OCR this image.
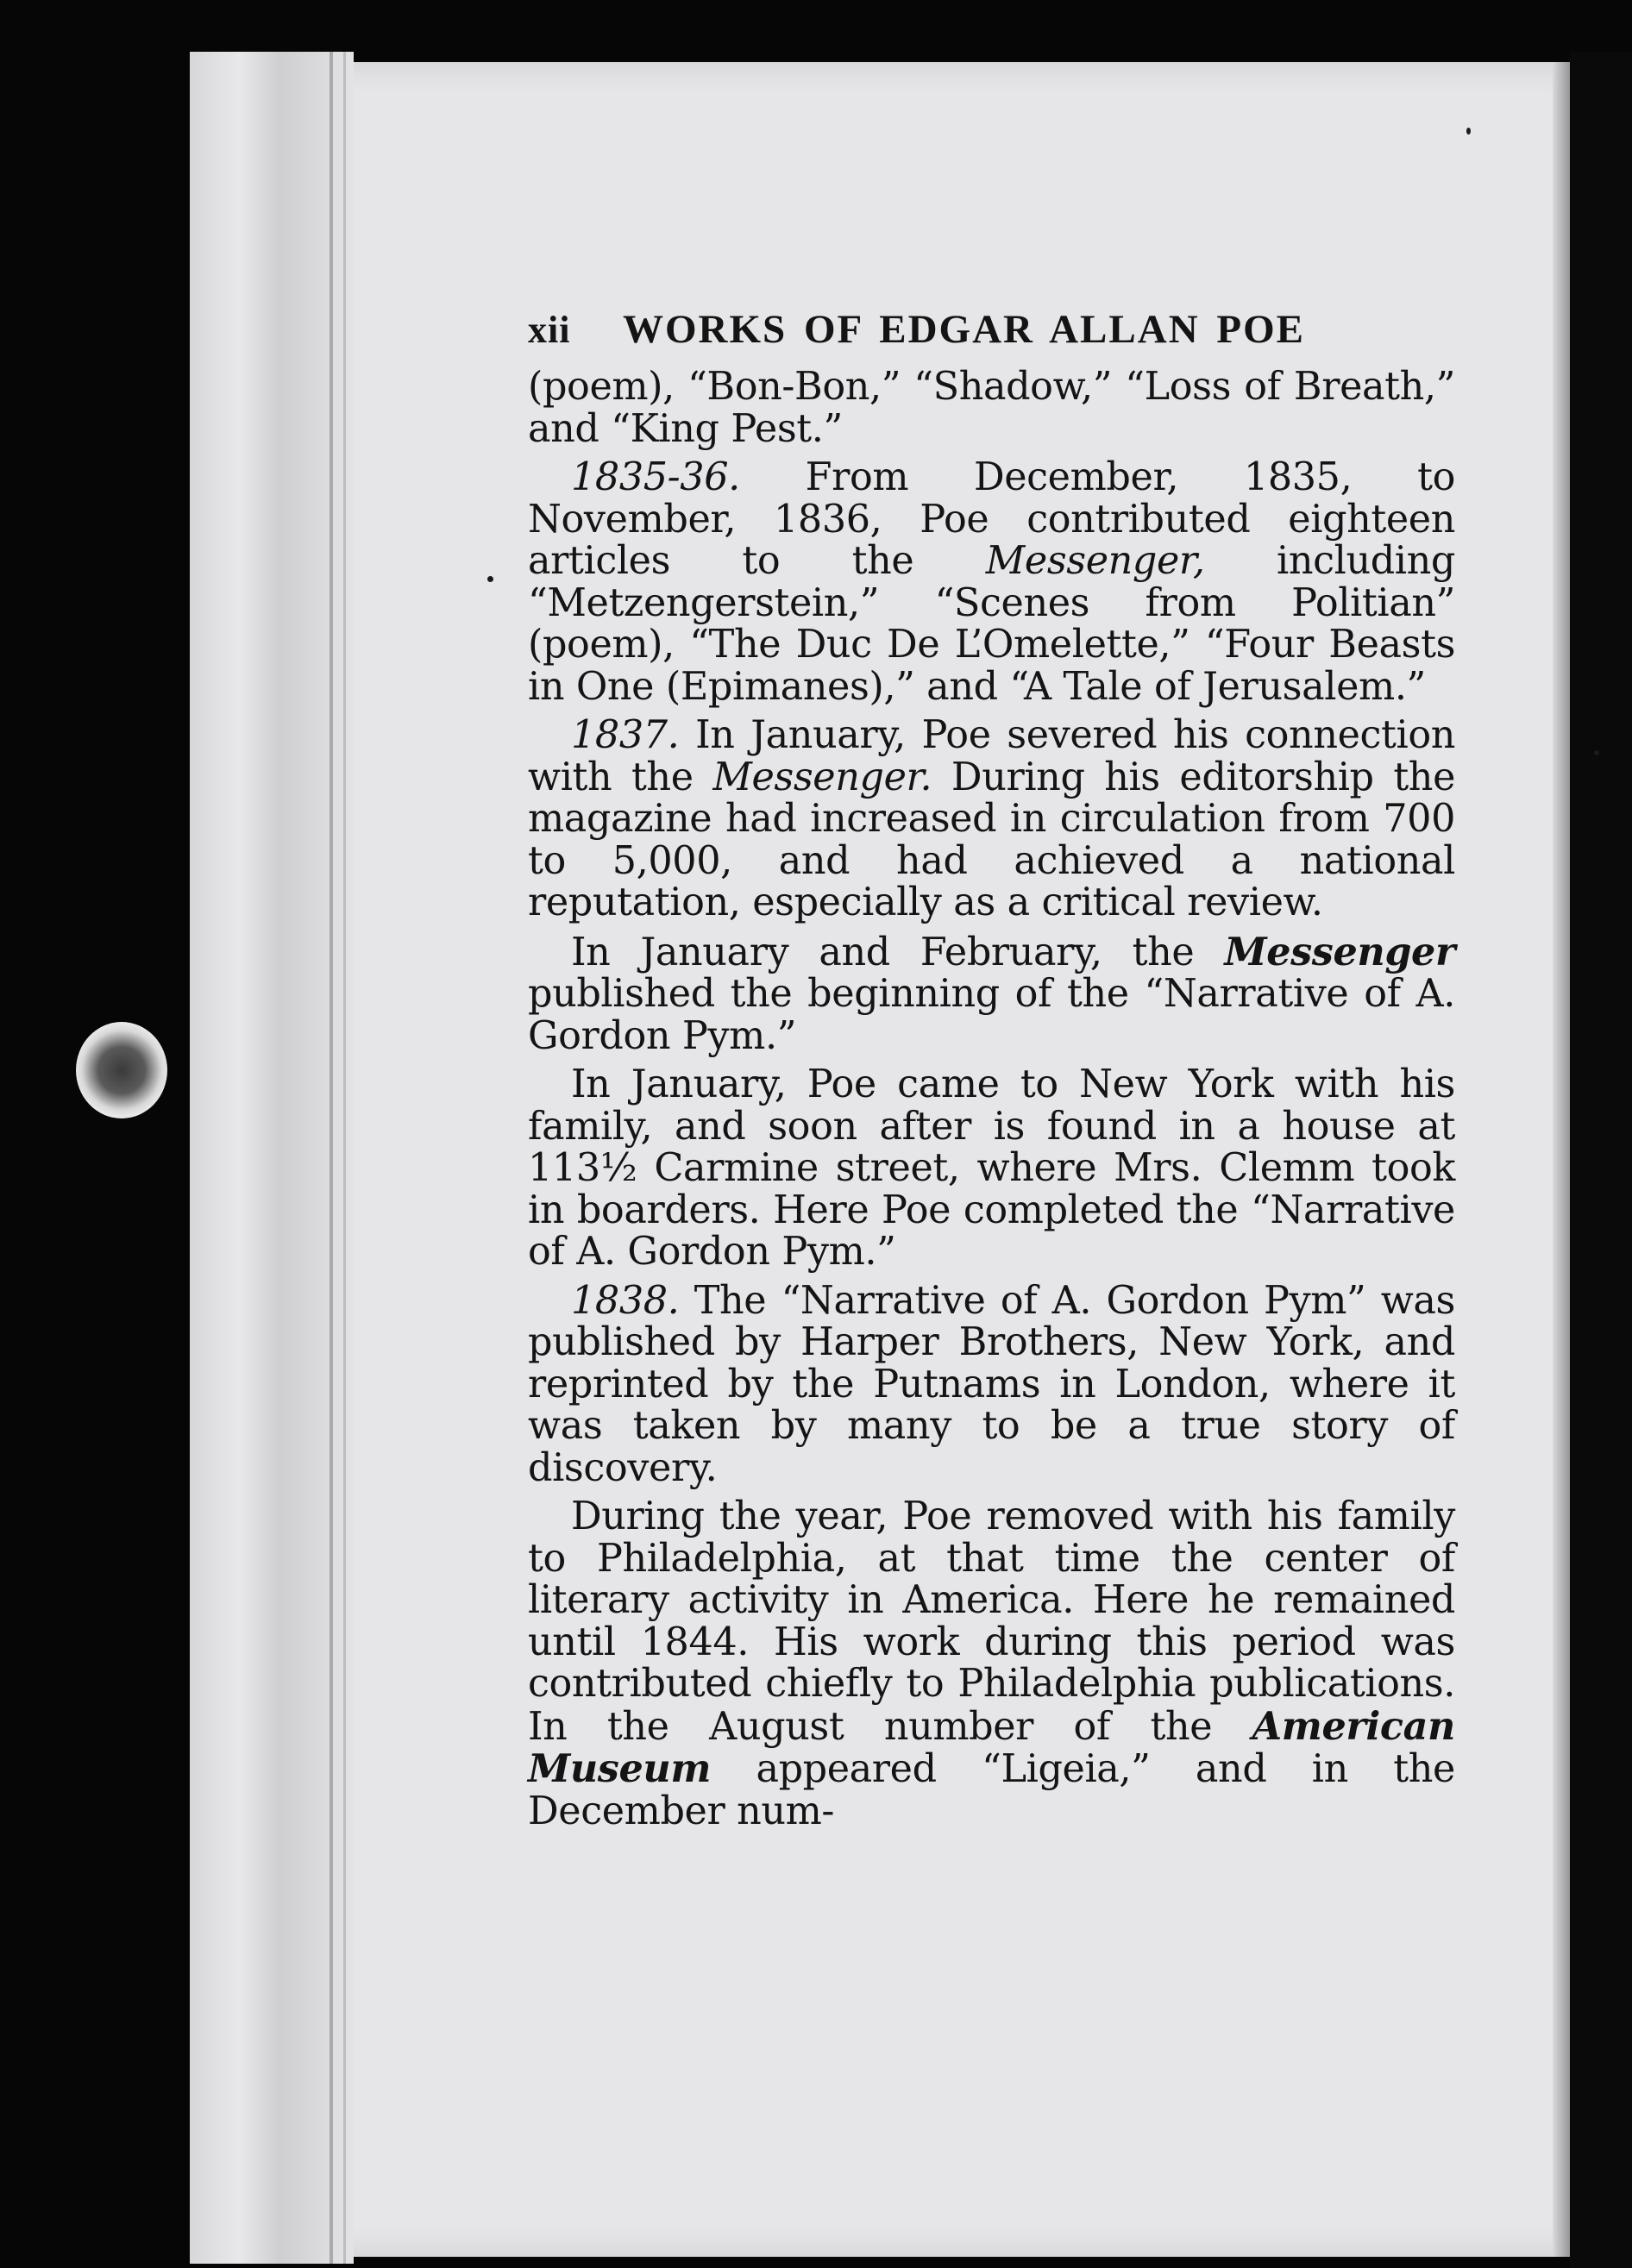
xii	WORKS OF EDGAR ALLAN POE

(poem), “Bon-Bon,” “Shadow,” “Loss of Breath,” and “King Pest.”

1835-36. From December, 1835, to November, 1836, Poe contributed eighteen articles to the Messenger, including “Metzengerstein,” “Scenes from Politian” (poem), “The Duc De L’Omelette,” “Four Beasts in One (Epimanes),” and “A Tale of Jerusalem.”

1837. In January, Poe severed his connection with the Messenger. During his editorship the magazine had increased in circulation from 700 to 5,000, and had achieved a national reputation, especially as a critical review.

In January and February, the Messenger published the beginning of the “Narrative of A. Gordon Pym.”

In January, Poe came to New York with his family, and soon after is found in a house at 113½ Carmine street, where Mrs. Clemm took in boarders. Here Poe completed the “Narrative of A. Gordon Pym.”

1838. The “Narrative of A. Gordon Pym” was published by Harper Brothers, New York, and reprinted by the Putnams in London, where it was taken by many to be a true story of discovery.

During the year, Poe removed with his family to Philadelphia, at that time the center of literary activity in America. Here he remained until 1844. His work during this period was contributed chiefly to Philadelphia publications. In the August number of the American Museum appeared “Ligeia,” and in the December num-
